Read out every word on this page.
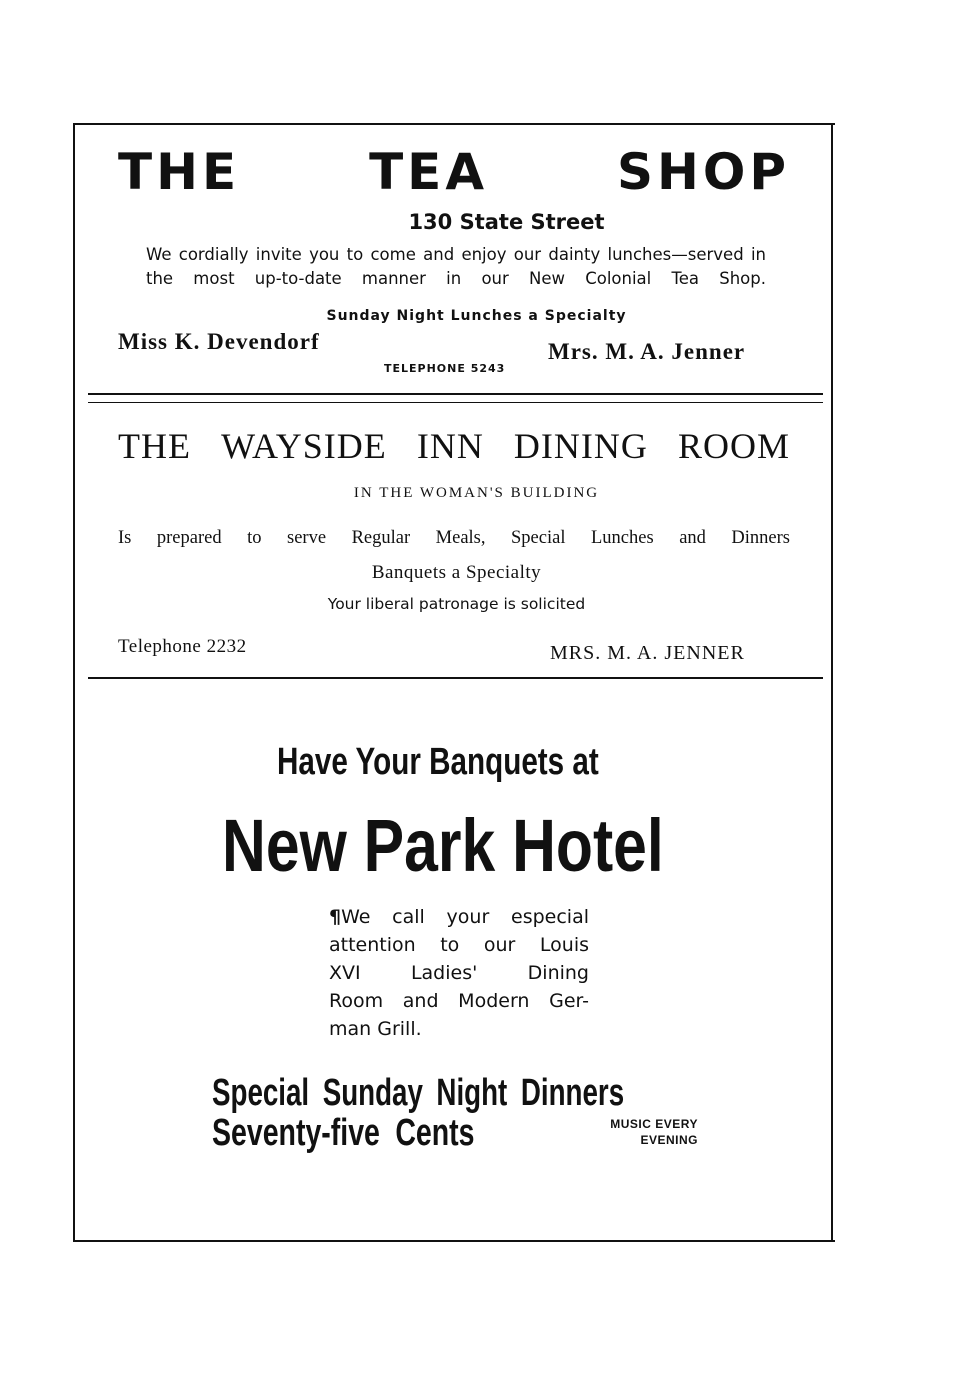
THE	TEA	SHOP

130 State Street

We cordially invite you to come and enjoy our dainty lunches—served in the most up-to-date manner in our New Colonial Tea Shop.

Sunday Night Lunches a Specialty

Miss K. Devendorf	Mrs. M. A. Jenner

TELEPHONE 5243

THE WAYSIDE INN DINING ROOM

IN THE WOMAN'S BUILDING

Is prepared to serve Regular Meals, Special Lunches and Dinners

Banquets a Specialty

Your liberal patronage is solicited

Telephone 2232	MRS. M. A. JENNER

Have Your Banquets at

New Park Hotel

¶We call your especial
attention to our Louis
XVI Ladies' Dining
Room and Modern Ger-
man Grill.

Special Sunday Night Dinners

Seventy-five Cents	MUSIC EVERY
EVENING
